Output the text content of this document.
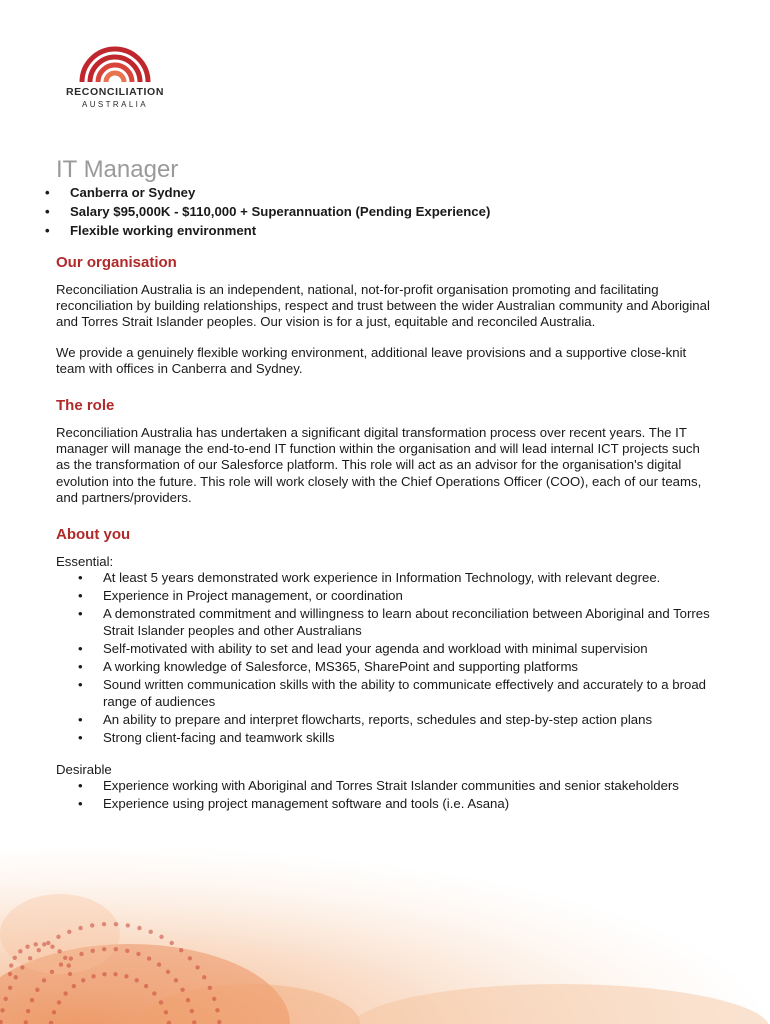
RECONCILIATION
AUSTRALIA
IT Manager
• Canberra or Sydney
• Salary $95,000K - $110,000 + Superannuation (Pending Experience)
• Flexible working environment
Our organisation

Reconciliation Australia is an independent, national, not-for-profit organisation promoting and facilitating reconciliation by building relationships, respect and trust between the wider Australian community and Aboriginal and Torres Strait Islander peoples. Our vision is for a just, equitable and reconciled Australia.

We provide a genuinely flexible working environment, additional leave provisions and a supportive close-knit team with offices in Canberra and Sydney.

The role

Reconciliation Australia has undertaken a significant digital transformation process over recent years. The IT manager will manage the end-to-end IT function within the organisation and will lead internal ICT projects such as the transformation of our Salesforce platform. This role will act as an advisor for the organisation's digital evolution into the future. This role will work closely with the Chief Operations Officer (COO), each of our teams, and partners/providers.

About you

Essential:

• At least 5 years demonstrated work experience in Information Technology, with relevant degree.
• Experience in Project management, or coordination
• A demonstrated commitment and willingness to learn about reconciliation between Aboriginal and Torres Strait Islander peoples and other Australians
• Self-motivated with ability to set and lead your agenda and workload with minimal supervision
• A working knowledge of Salesforce, MS365, SharePoint and supporting platforms
• Sound written communication skills with the ability to communicate effectively and accurately to a broad range of audiences
• An ability to prepare and interpret flowcharts, reports, schedules and step-by-step action plans
• Strong client-facing and teamwork skills

Desirable

• Experience working with Aboriginal and Torres Strait Islander communities and senior stakeholders
• Experience using project management software and tools (i.e. Asana)
